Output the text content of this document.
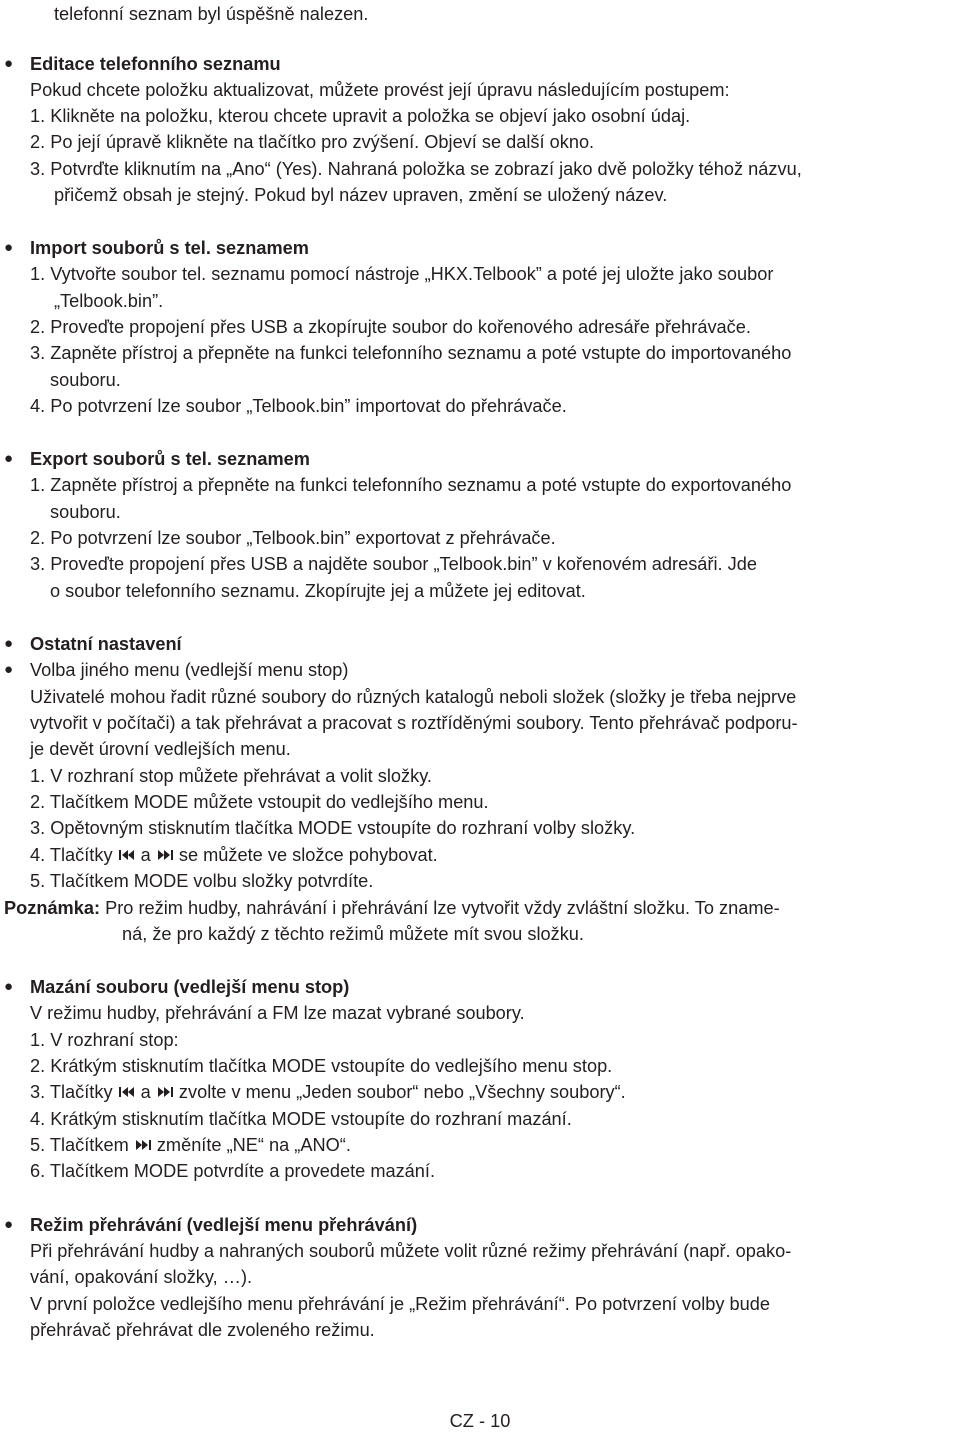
telefonní seznam byl úspěšně nalezen.
● Editace telefonního seznamu
Pokud chcete položku aktualizovat, můžete provést její úpravu následujícím postupem:
1. Klikněte na položku, kterou chcete upravit a položka se objeví jako osobní údaj.
2. Po její úpravě klikněte na tlačítko pro zvýšení. Objeví se další okno.
3. Potvrďte kliknutím na „Ano“ (Yes). Nahraná položka se zobrazí jako dvě položky téhož názvu,
přičemž obsah je stejný. Pokud byl název upraven, změní se uložený název.
● Import souborů s tel. seznamem
1. Vytvořte soubor tel. seznamu pomocí nástroje „HKX.Telbook” a poté jej uložte jako soubor
„Telbook.bin”.
2. Proveďte propojení přes USB a zkopírujte soubor do kořenového adresáře přehrávače.
3. Zapněte přístroj a přepněte na funkci telefonního seznamu a poté vstupte do importovaného
souboru.
4. Po potvrzení lze soubor „Telbook.bin” importovat do přehrávače.
● Export souborů s tel. seznamem
1. Zapněte přístroj a přepněte na funkci telefonního seznamu a poté vstupte do exportovaného
souboru.
2. Po potvrzení lze soubor „Telbook.bin” exportovat z přehrávače.
3. Proveďte propojení přes USB a najděte soubor „Telbook.bin” v kořenovém adresáři. Jde
o soubor telefonního seznamu. Zkopírujte jej a můžete jej editovat.
● Ostatní nastavení
● Volba jiného menu (vedlejší menu stop)
Uživatelé mohou řadit různé soubory do různých katalogů neboli složek (složky je třeba nejprve
vytvořit v počítači) a tak přehrávat a pracovat s roztříděnými soubory. Tento přehrávač podporu-
je devět úrovní vedlejších menu.
1. V rozhraní stop můžete přehrávat a volit složky.
2. Tlačítkem MODE můžete vstoupit do vedlejšího menu.
3. Opětovným stisknutím tlačítka MODE vstoupíte do rozhraní volby složky.
4. Tlačítky  a  se můžete ve složce pohybovat.
5. Tlačítkem MODE volbu složky potvrdíte.
Poznámka: Pro režim hudby, nahrávání i přehrávání lze vytvořit vždy zvláštní složku. To zname-
ná, že pro každý z těchto režimů můžete mít svou složku.
● Mazání souboru (vedlejší menu stop)
V režimu hudby, přehrávání a FM lze mazat vybrané soubory.
1. V rozhraní stop:
2. Krátkým stisknutím tlačítka MODE vstoupíte do vedlejšího menu stop.
3. Tlačítky  a  zvolte v menu „Jeden soubor“ nebo „Všechny soubory“.
4. Krátkým stisknutím tlačítka MODE vstoupíte do rozhraní mazání.
5. Tlačítkem  změníte „NE“ na „ANO“.
6. Tlačítkem MODE potvrdíte a provedete mazání.
● Režim přehrávání (vedlejší menu přehrávání)
Při přehrávání hudby a nahraných souborů můžete volit různé režimy přehrávání (např. opako-
vání, opakování složky, …).
V první položce vedlejšího menu přehrávání je „Režim přehrávání“. Po potvrzení volby bude
přehrávač přehrávat dle zvoleného režimu.
CZ - 10
